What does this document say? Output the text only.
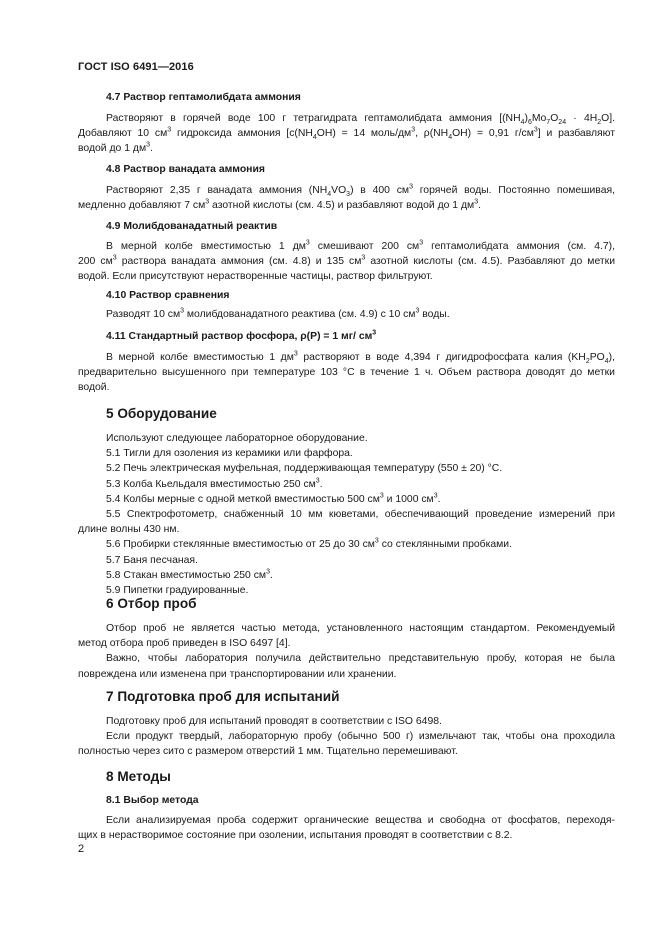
ГОСТ ISO 6491—2016
4.7 Раствор гептамолибдата аммония
Растворяют в горячей воде 100 г тетрагидрата гептамолибдата аммония $[(NH_4)_6Mo_7O_{24} \cdot 4H_2O]$.
Добавляют 10 $см^3$ гидроксида аммония [$c(NH_4OH) = 14$ моль/$дм^3$, $\rho(NH_4OH) = 0,91$ $г/см^3$] и разбавляют
водой до 1 $дм^3$.
4.8 Раствор ванадата аммония
Растворяют 2,35 г ванадата аммония $(NH_4VO_3)$ в 400 $см^3$ горячей воды. Постоянно помешивая,
медленно добавляют 7 $см^3$ азотной кислоты (см. 4.5) и разбавляют водой до 1 $дм^3$.
4.9 Молибдованадатный реактив
В мерной колбе вместимостью 1 $дм^3$ смешивают 200 $см^3$ гептамолибдата аммония (см. 4.7),
200 $см^3$ раствора ванадата аммония (см. 4.8) и 135 $см^3$ азотной кислоты (см. 4.5). Разбавляют до метки
водой. Если присутствуют нерастворенные частицы, раствор фильтруют.
4.10 Раствор сравнения
Разводят 10 $см^3$ молибдованадатного реактива (см. 4.9) с 10 $см^3$ воды.
4.11 Стандартный раствор фосфора, ρ(P) = 1 мг/ $см^3$
В мерной колбе вместимостью 1 $дм^3$ растворяют в воде 4,394 г дигидрофосфата калия $(KH_2PO_4)$,
предварительно высушенного при температуре 103 °С в течение 1 ч. Объем раствора доводят до метки
водой.
5 Оборудование
Используют следующее лабораторное оборудование.
5.1 Тигли для озоления из керамики или фарфора.
5.2 Печь электрическая муфельная, поддерживающая температуру (550 ± 20) °C.
5.3 Колба Кьельдаля вместимостью 250 $см^3$.
5.4 Колбы мерные с одной меткой вместимостью 500 $см^3$ и 1000 $см^3$.
5.5 Спектрофотометр, снабженный 10 мм кюветами, обеспечивающий проведение измерений при
длине волны 430 нм.
5.6 Пробирки стеклянные вместимостью от 25 до 30 $см^3$ со стеклянными пробками.
5.7 Баня песчаная.
5.8 Стакан вместимостью 250 $см^3$.
5.9 Пипетки градуированные.
6 Отбор проб
Отбор проб не является частью метода, установленного настоящим стандартом. Рекомендуемый
метод отбора проб приведен в ISO 6497 [4].
Важно, чтобы лаборатория получила действительно представительную пробу, которая не была
повреждена или изменена при транспортировании или хранении.
7 Подготовка проб для испытаний
Подготовку проб для испытаний проводят в соответствии с ISO 6498.
Если продукт твердый, лабораторную пробу (обычно 500 г) измельчают так, чтобы она проходила
полностью через сито с размером отверстий 1 мм. Тщательно перемешивают.
8 Методы
8.1 Выбор метода
Если анализируемая проба содержит органические вещества и свободна от фосфатов, переходя-
щих в нерастворимое состояние при озолении, испытания проводят в соответствии с 8.2.
2
